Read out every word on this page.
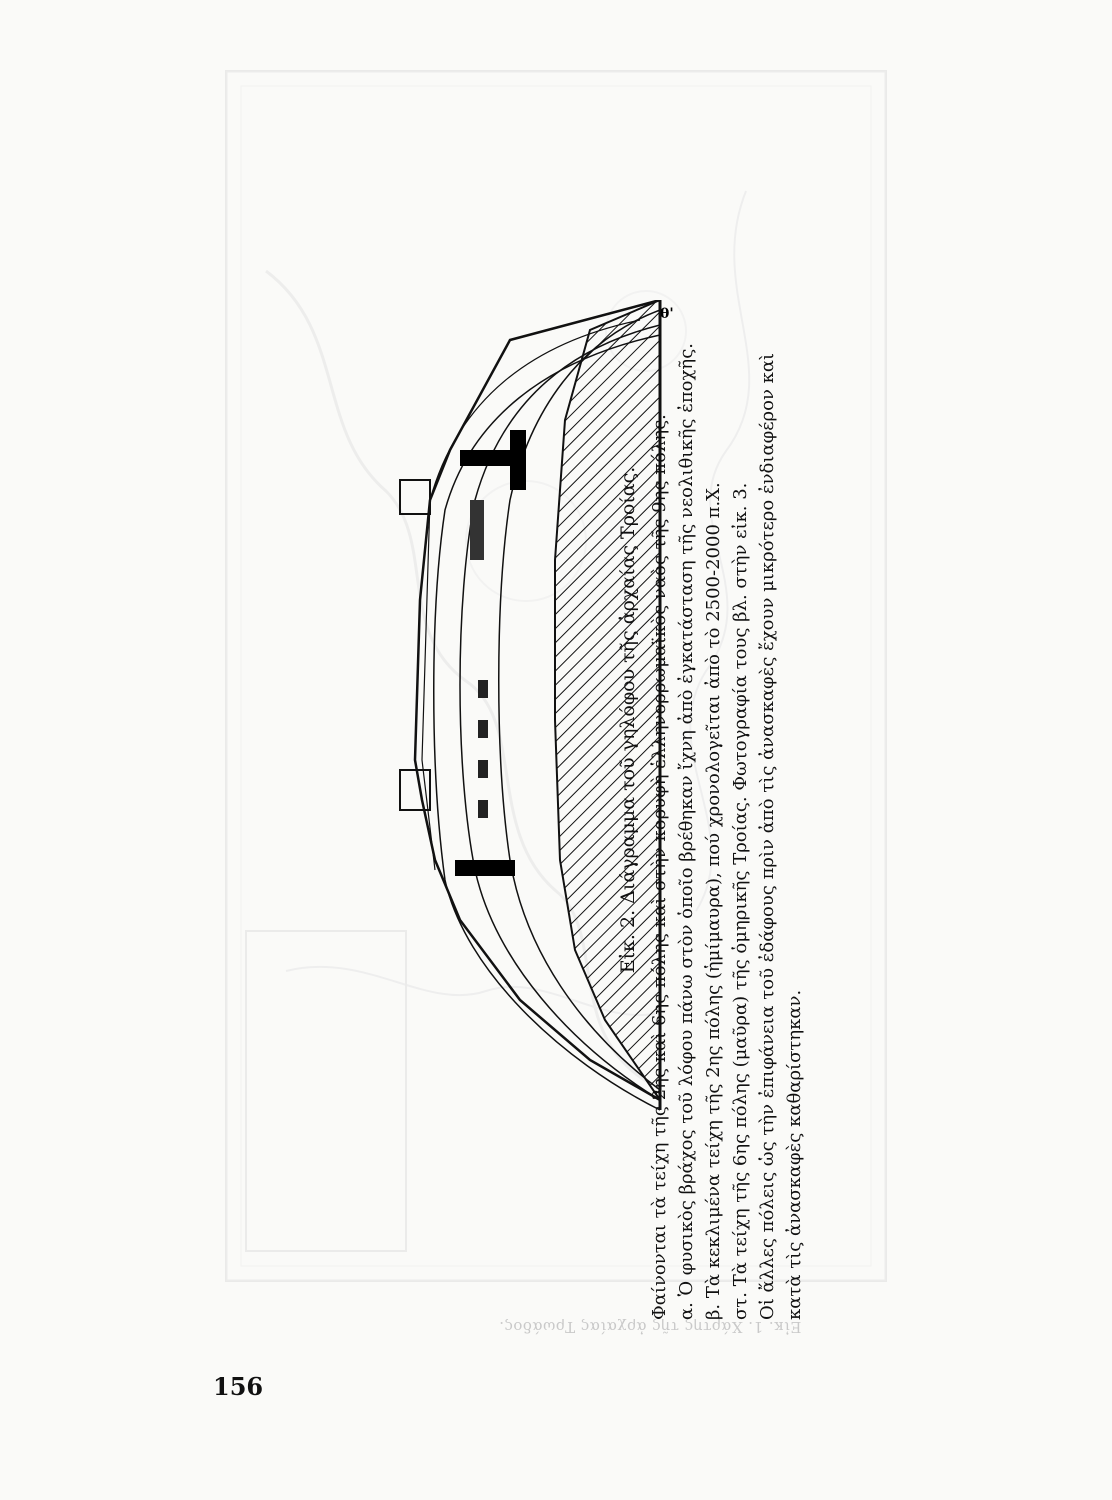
Εἰκ. 1. Χάρτης τῆς ἀρχαίας Τρωάδος.
θ'
Εἰκ. 2. Διάγραμμα τοῦ γηλόφου τῆς ἀρχαίας Τροίας. Φαίνονται τὰ τείχη τῆς 2ης καὶ 6ης πόλης καὶ στὴν κορυφὴ ἑλληνορρωμαϊκὸς ναὸς τῆς 9ης πόλης. α. Ὁ φυσικὸς βράχος τοῦ λόφου πάνω στὸν ὁποῖο βρέθηκαν ἴχνη ἀπὸ ἐγκατάσταση τῆς νεολιθικῆς ἐποχῆς. β. Τὰ κεκλιμένα τείχη τῆς 2ης πόλης (ἡμίμαυρα), πού χρονολογεῖται ἀπὸ τὸ 2500-2000 π.Χ. στ. Τὰ τείχη τῆς 6ης πόλης (μαῦρα) τῆς ὁμηρικῆς Τροίας. Φωτογραφία τους βλ. στὴν εἰκ. 3. Οἱ ἄλλες πόλεις ὡς τὴν ἐπιφάνεια τοῦ ἐδάφους πρὶν ἀπὸ τὶς ἀνασκαφὲς ἔχουν μικρότερο ἐνδιαφέρον καὶ κατὰ τὶς ἀνασκαφὲς καθαρίστηκαν.
156
